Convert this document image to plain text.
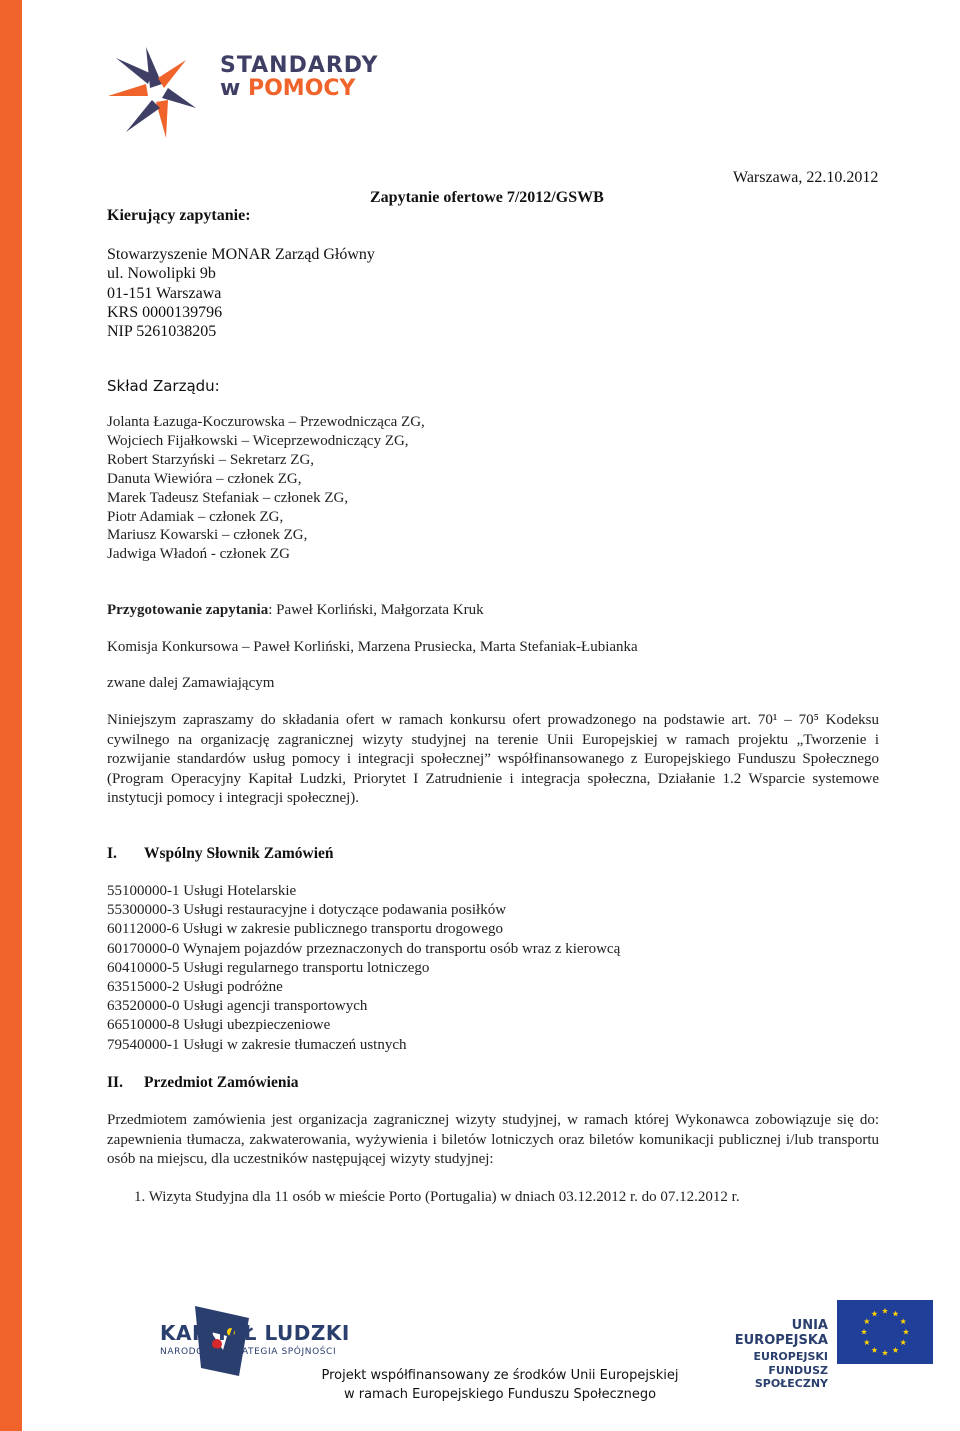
STANDARDY
w POMOCY
Warszawa, 22.10.2012
Zapytanie ofertowe 7/2012/GSWB
Kierujący zapytanie:
Stowarzyszenie MONAR Zarząd Główny
ul. Nowolipki 9b
01-151 Warszawa
KRS 0000139796
NIP 5261038205
Skład Zarządu:
Jolanta Łazuga-Koczurowska – Przewodnicząca ZG,
Wojciech Fijałkowski – Wiceprzewodniczący ZG,
Robert Starzyński – Sekretarz ZG,
Danuta Wiewióra – członek ZG,
Marek Tadeusz Stefaniak – członek ZG,
Piotr Adamiak – członek ZG,
Mariusz Kowarski – członek ZG,
Jadwiga Władoń - członek ZG
Przygotowanie zapytania: Paweł Korliński, Małgorzata Kruk
Komisja Konkursowa – Paweł Korliński, Marzena Prusiecka, Marta Stefaniak-Łubianka
zwane dalej Zamawiającym
Niniejszym zapraszamy do składania ofert w ramach konkursu ofert prowadzonego na podstawie art. 70¹ – 70⁵ Kodeksu cywilnego na organizację zagranicznej wizyty studyjnej na terenie Unii Europejskiej w ramach projektu „Tworzenie i rozwijanie standardów usług pomocy i integracji społecznej” współfinansowanego z Europejskiego Funduszu Społecznego (Program Operacyjny Kapitał Ludzki, Priorytet I Zatrudnienie i integracja społeczna, Działanie 1.2 Wsparcie systemowe instytucji pomocy i integracji społecznej).
I. Wspólny Słownik Zamówień
55100000-1 Usługi Hotelarskie
55300000-3 Usługi restauracyjne i dotyczące podawania posiłków
60112000-6 Usługi w zakresie publicznego transportu drogowego
60170000-0 Wynajem pojazdów przeznaczonych do transportu osób wraz z kierowcą
60410000-5 Usługi regularnego transportu lotniczego
63515000-2 Usługi podróżne
63520000-0 Usługi agencji transportowych
66510000-8 Usługi ubezpieczeniowe
79540000-1 Usługi w zakresie tłumaczeń ustnych
II. Przedmiot Zamówienia
Przedmiotem zamówienia jest organizacja zagranicznej wizyty studyjnej, w ramach której Wykonawca zobowiązuje się do: zapewnienia tłumacza, zakwaterowania, wyżywienia i biletów lotniczych oraz biletów komunikacji publicznej i/lub transportu osób na miejscu, dla uczestników następującej wizyty studyjnej:
1. Wizyta Studyjna dla 11 osób w mieście Porto (Portugalia) w dniach 03.12.2012 r. do 07.12.2012 r.
KAPITAŁ LUDZKI
NARODOWA STRATEGIA SPÓJNOŚCI
UNIA EUROPEJSKA
EUROPEJSKI
FUNDUSZ SPOŁECZNY
Projekt współfinansowany ze środków Unii Europejskiej
w ramach Europejskiego Funduszu Społecznego
